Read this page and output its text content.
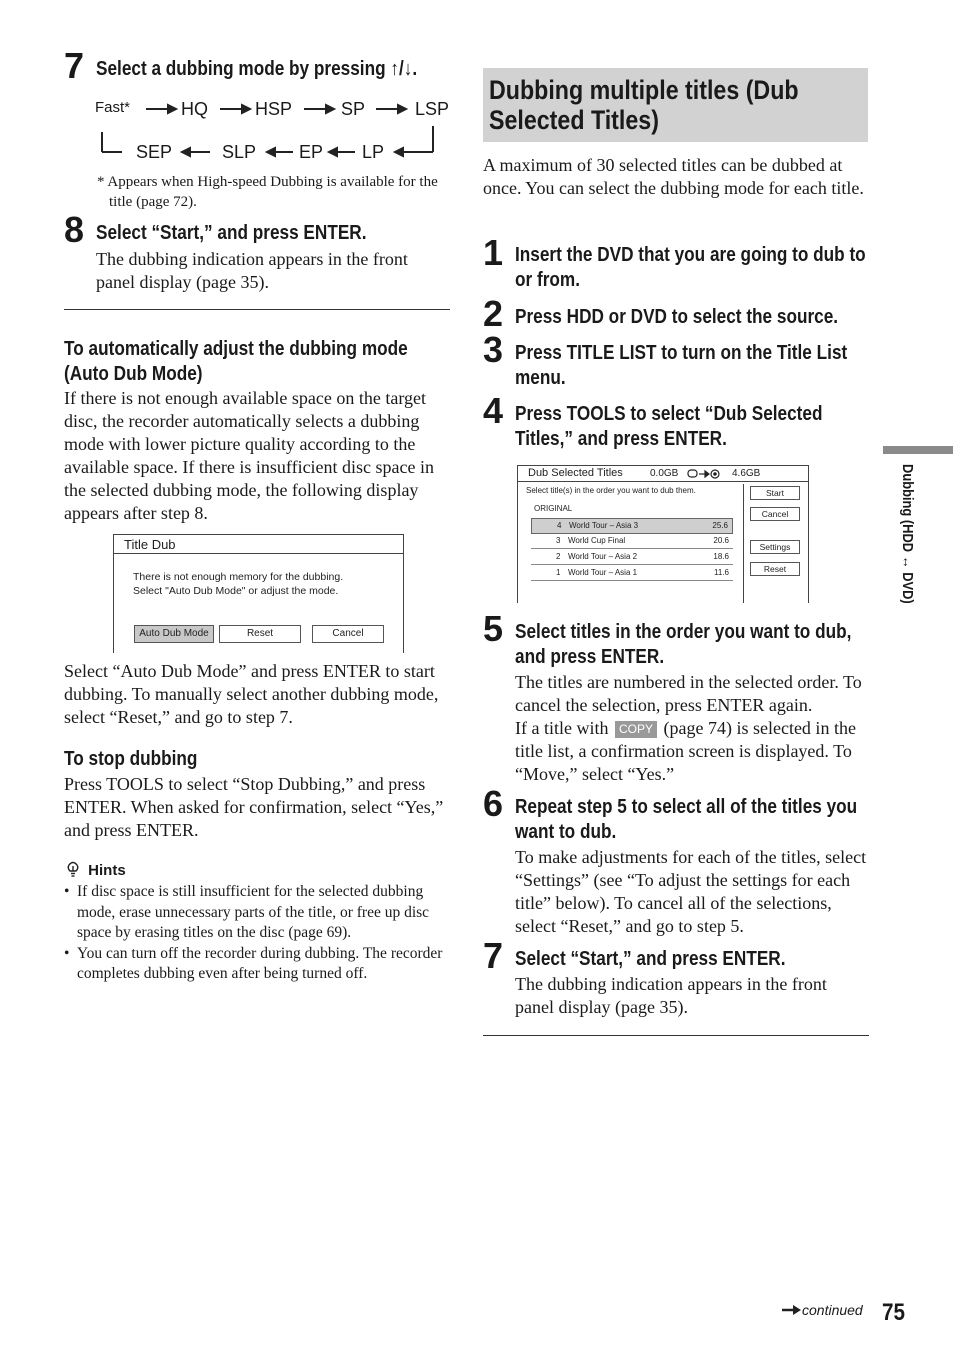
7 Select a dubbing mode by pressing ↑/↓.
Fast*	HQ	HSP	SP	LSP
SEP	SLP EP LP
* Appears when High-speed Dubbing is available for the title (page 72).
8 Select “Start,” and press ENTER.
The dubbing indication appears in the front panel display (page 35).
To automatically adjust the dubbing mode (Auto Dub Mode)
If there is not enough available space on the target disc, the recorder automatically selects a dubbing mode with lower picture quality according to the available space. If there is insufficient disc space in the selected dubbing mode, the following display appears after step 8.
Title Dub
There is not enough memory for the dubbing.
Select "Auto Dub Mode" or adjust the mode.
Auto Dub Mode	Reset	Cancel
Select “Auto Dub Mode” and press ENTER to start dubbing. To manually select another dubbing mode, select “Reset,” and go to step 7.
To stop dubbing
Press TOOLS to select “Stop Dubbing,” and press ENTER. When asked for confirmation, select “Yes,” and press ENTER.
Hints
• If disc space is still insufficient for the selected dubbing mode, erase unnecessary parts of the title, or free up disc space by erasing titles on the disc (page 69).
• You can turn off the recorder during dubbing. The recorder completes dubbing even after being turned off.
Dubbing multiple titles (Dub Selected Titles)
A maximum of 30 selected titles can be dubbed at once. You can select the dubbing mode for each title.
1 Insert the DVD that you are going to dub to or from.
2 Press HDD or DVD to select the source.
3 Press TITLE LIST to turn on the Title List menu.
4 Press TOOLS to select “Dub Selected Titles,” and press ENTER.
Dub Selected Titles	0.0GB	4.6GB
Select title(s) in the order you want to dub them.
ORIGINAL
4 World Tour – Asia 3	25.6
3 World Cup Final	20.6
2 World Tour – Asia 2	18.6
1 World Tour – Asia 1	11.6
Start
Cancel
Settings
Reset
5 Select titles in the order you want to dub, and press ENTER.
The titles are numbered in the selected order. To cancel the selection, press ENTER again.
If a title with COPY (page 74) is selected in the title list, a confirmation screen is displayed. To “Move,” select “Yes.”
6 Repeat step 5 to select all of the titles you want to dub.
To make adjustments for each of the titles, select “Settings” (see “To adjust the settings for each title” below). To cancel all of the selections, select “Reset,” and go to step 5.
7 Select “Start,” and press ENTER.
The dubbing indication appears in the front panel display (page 35).
Dubbing (HDD ↔ DVD)
continued 75
